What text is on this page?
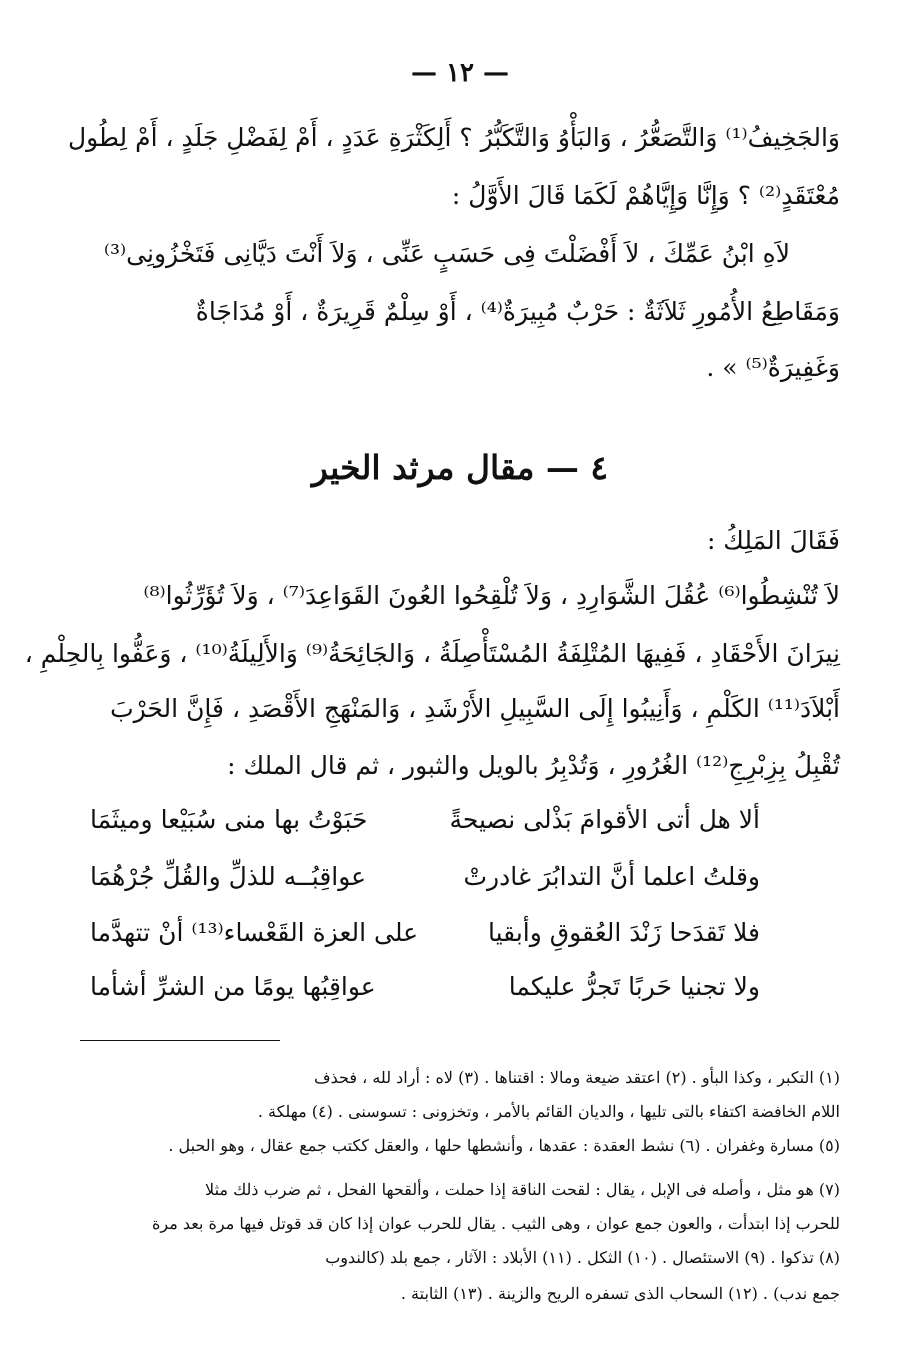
— ١٢ —
وَالجَخِيفُ⁽¹⁾ وَالتَّصَعُّرُ ، وَالبَأْوُ وَالتَّكَبُّرُ ؟ أَلِكَثْرَةِ عَدَدٍ ، أَمْ لِفَضْلِ جَلَدٍ ، أَمْ لِطُول
مُعْتَقَدٍ⁽²⁾ ؟ وَإِنَّا وَإِيَّاهُمْ لَكَمَا قَالَ الأَوَّلُ :
لاَهِ ابْنُ عَمِّكَ ، لاَ أَفْضَلْتَ فِى حَسَبٍ عَنِّى ، وَلاَ أَنْتَ دَيَّانِى فَتَخْزُونِى⁽³⁾
وَمَقَاطِعُ الأُمُورِ ثَلاَثَةٌ : حَرْبٌ مُبِيرَةٌ⁽⁴⁾ ، أَوْ سِلْمٌ قَرِيرَةٌ ، أَوْ مُدَاجَاةٌ
وَغَفِيرَةٌ⁽⁵⁾ » .
٤ — مقال مرثد الخير
فَقَالَ المَلِكُ :
لاَ تُنْشِطُوا⁽⁶⁾ عُقُلَ الشَّوَارِدِ ، وَلاَ تُلْقِحُوا العُونَ القَوَاعِدَ⁽⁷⁾ ، وَلاَ تُؤَرِّثُوا⁽⁸⁾
نِيرَانَ الأَحْقَادِ ، فَفِيهَا المُتْلِفَةُ المُسْتَأْصِلَةُ ، وَالجَائِحَةُ⁽⁹⁾ وَالأَلِيلَةُ⁽¹⁰⁾ ، وَعَفُّوا بِالحِلْمِ ،
أَبْلاَدَ⁽¹¹⁾ الكَلْمِ ، وَأَنِيبُوا إِلَى السَّبِيلِ الأَرْشَدِ ، وَالمَنْهَجِ الأَقْصَدِ ، فَإِنَّ الحَرْبَ
تُقْبِلُ بِزِبْرِجِ⁽¹²⁾ الغُرُورِ ، وَتُدْبِرُ بالويل والثبور ، ثم قال الملك :
ألا هل أتى الأقوامَ بَذْلى نصيحةً
حَبَوْتُ بها منى سُبَيْعا وميثَمَا
وقلتُ اعلما أنَّ التدابُرَ غادرتْ
عواقِبُــه للذلِّ والقُلِّ جُرْهُمَا
فلا تَقدَحا زَنْدَ العُقوقِ وأبقيا
على العزة القَعْساء⁽¹³⁾ أنْ تتهدَّما
ولا تجنيا حَربًا تَجرُّ عليكما
عواقِبُها يومًا من الشرِّ أشأما
(١) التكبر ، وكذا البأو . (٢) اعتقد ضيعة ومالا : اقتناها . (٣) لاه : أراد لله ، فحذف
اللام الخافضة اكتفاء بالتى تليها ، والديان القائم بالأمر ، وتخزونى : تسوسنى . (٤) مهلكة .
(٥) مسارة وغفران . (٦) نشط العقدة : عقدها ، وأنشطها حلها ، والعقل ككتب جمع عقال ، وهو الحبل .
(٧) هو مثل ، وأصله فى الإبل ، يقال : لقحت الناقة إذا حملت ، وألقحها الفحل ، ثم ضرب ذلك مثلا
للحرب إذا ابتدأت ، والعون جمع عوان ، وهى الثيب . يقال للحرب عوان إذا كان قد قوتل فيها مرة بعد مرة
(٨) تذكوا . (٩) الاستئصال . (١٠) الثكل . (١١) الأبلاد : الآثار ، جمع بلد (كالندوب
جمع ندب) . (١٢) السحاب الذى تسفره الريح والزينة . (١٣) الثابتة .
